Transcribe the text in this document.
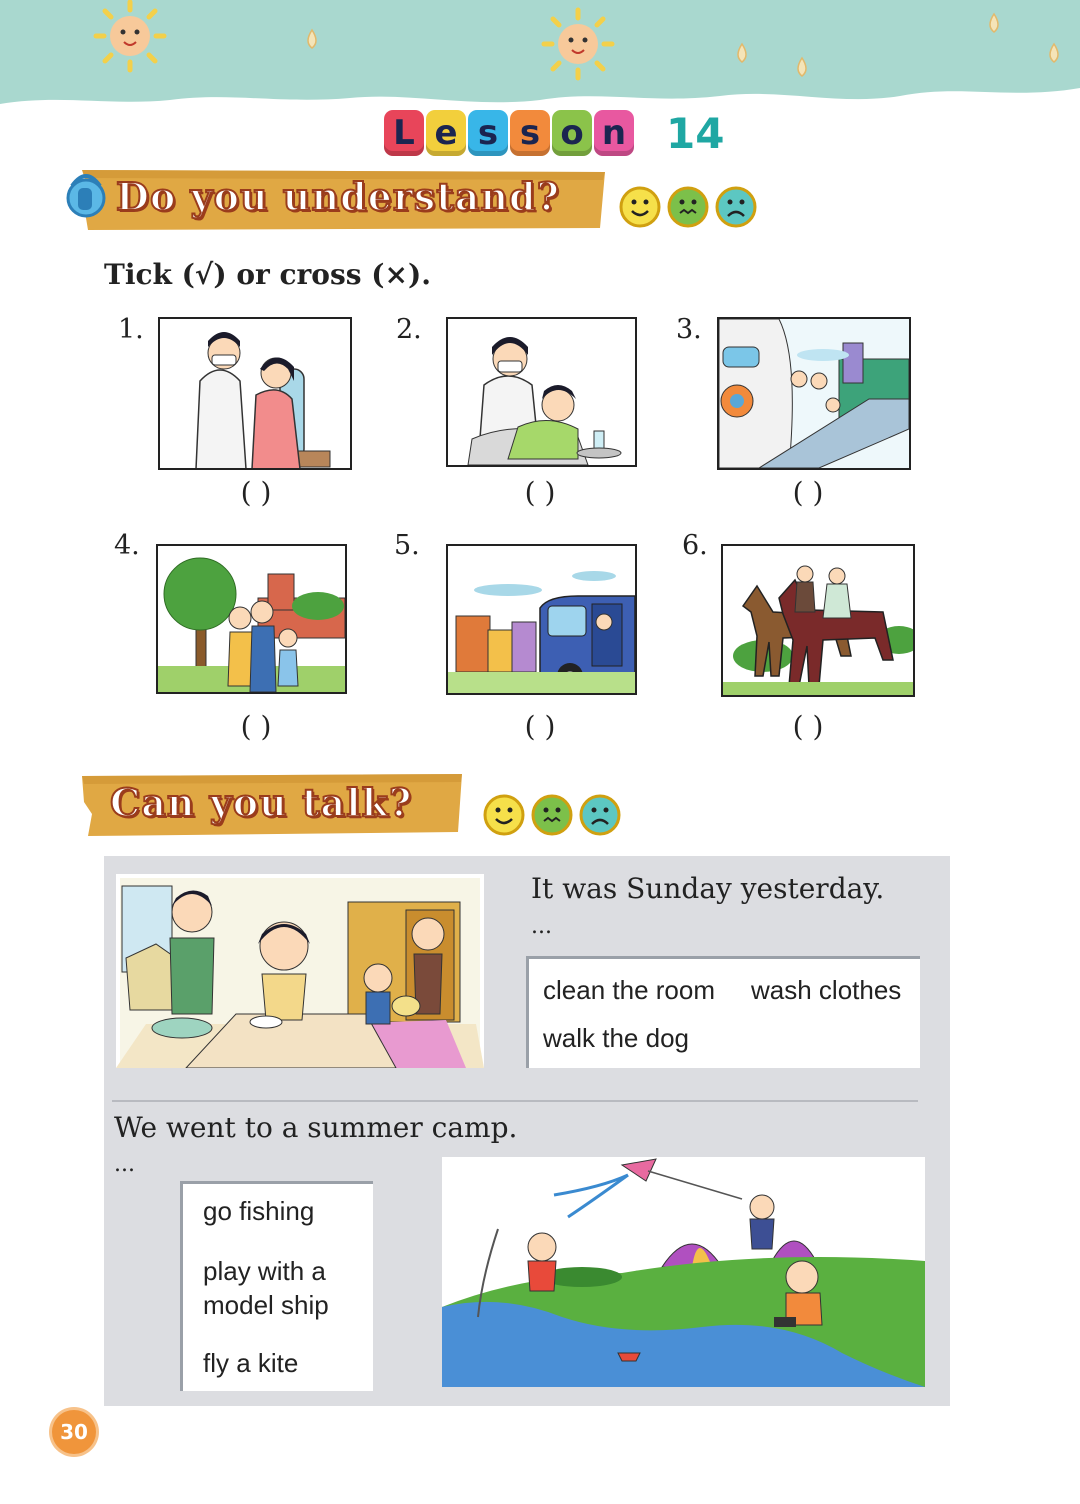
L e s s o n 14
Do you understand?
Tick (√) or cross (×).
1.	2.	3.
4.	5.	6.
( )	( )	( )
( )	( )	( )
Can you talk?
It was Sunday yesterday.
...
clean the room wash clothes
walk the dog
We went to a summer camp.
...
go fishing
play with a
model ship
fly a kite
30
